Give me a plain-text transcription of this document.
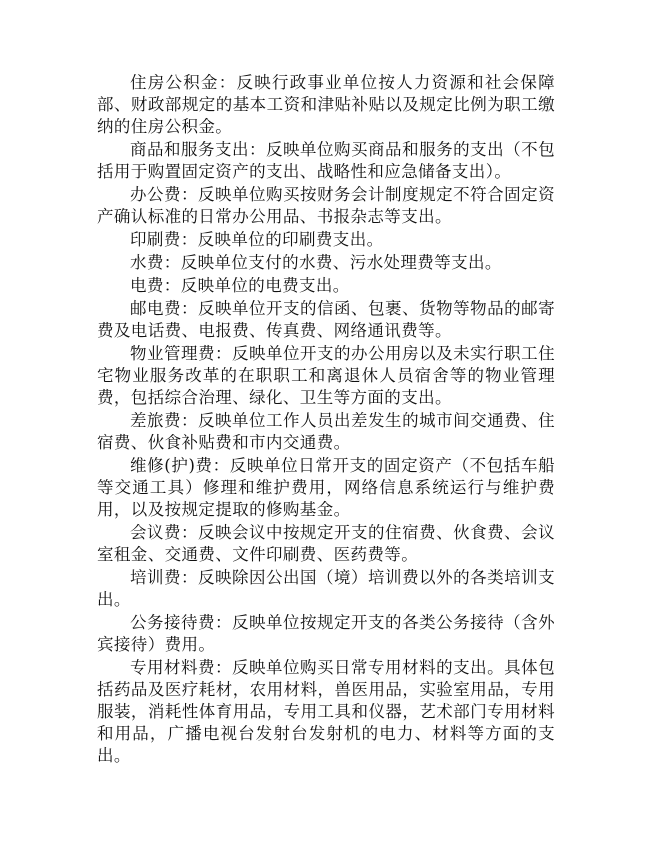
住房公积金：反映行政事业单位按人力资源和社会保障部、财政部规定的基本工资和津贴补贴以及规定比例为职工缴纳的住房公积金。

商品和服务支出：反映单位购买商品和服务的支出（不包括用于购置固定资产的支出、战略性和应急储备支出）。

办公费：反映单位购买按财务会计制度规定不符合固定资产确认标准的日常办公用品、书报杂志等支出。

印刷费：反映单位的印刷费支出。

水费：反映单位支付的水费、污水处理费等支出。

电费：反映单位的电费支出。

邮电费：反映单位开支的信函、包裹、货物等物品的邮寄费及电话费、电报费、传真费、网络通讯费等。

物业管理费：反映单位开支的办公用房以及未实行职工住宅物业服务改革的在职职工和离退休人员宿舍等的物业管理费，包括综合治理、绿化、卫生等方面的支出。

差旅费：反映单位工作人员出差发生的城市间交通费、住宿费、伙食补贴费和市内交通费。

维修(护)费：反映单位日常开支的固定资产（不包括车船等交通工具）修理和维护费用，网络信息系统运行与维护费用，以及按规定提取的修购基金。

会议费：反映会议中按规定开支的住宿费、伙食费、会议室租金、交通费、文件印刷费、医药费等。

培训费：反映除因公出国（境）培训费以外的各类培训支出。

公务接待费：反映单位按规定开支的各类公务接待（含外宾接待）费用。

专用材料费：反映单位购买日常专用材料的支出。具体包括药品及医疗耗材，农用材料，兽医用品，实验室用品，专用服装，消耗性体育用品，专用工具和仪器，艺术部门专用材料和用品，广播电视台发射台发射机的电力、材料等方面的支出。
